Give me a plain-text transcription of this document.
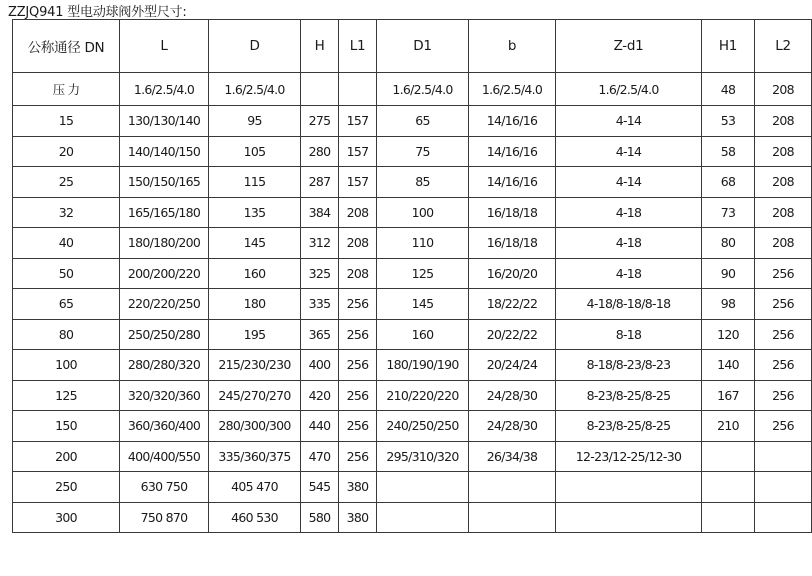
ZZJQ941 型电动球阀外型尺寸:
公称通径 DN	L	D	H	L1	D1	b	Z-d1	H1	L2
压 力	1.6/2.5/4.0	1.6/2.5/4.0			1.6/2.5/4.0	1.6/2.5/4.0	1.6/2.5/4.0	48	208
15	130/130/140	95	275	157	65	14/16/16	4-14	53	208
20	140/140/150	105	280	157	75	14/16/16	4-14	58	208
25	150/150/165	115	287	157	85	14/16/16	4-14	68	208
32	165/165/180	135	384	208	100	16/18/18	4-18	73	208
40	180/180/200	145	312	208	110	16/18/18	4-18	80	208
50	200/200/220	160	325	208	125	16/20/20	4-18	90	256
65	220/220/250	180	335	256	145	18/22/22	4-18/8-18/8-18	98	256
80	250/250/280	195	365	256	160	20/22/22	8-18	120	256
100	280/280/320	215/230/230	400	256	180/190/190	20/24/24	8-18/8-23/8-23	140	256
125	320/320/360	245/270/270	420	256	210/220/220	24/28/30	8-23/8-25/8-25	167	256
150	360/360/400	280/300/300	440	256	240/250/250	24/28/30	8-23/8-25/8-25	210	256
200	400/400/550	335/360/375	470	256	295/310/320	26/34/38	12-23/12-25/12-30		
250	630 750	405 470	545	380					
300	750 870	460 530	580	380					
